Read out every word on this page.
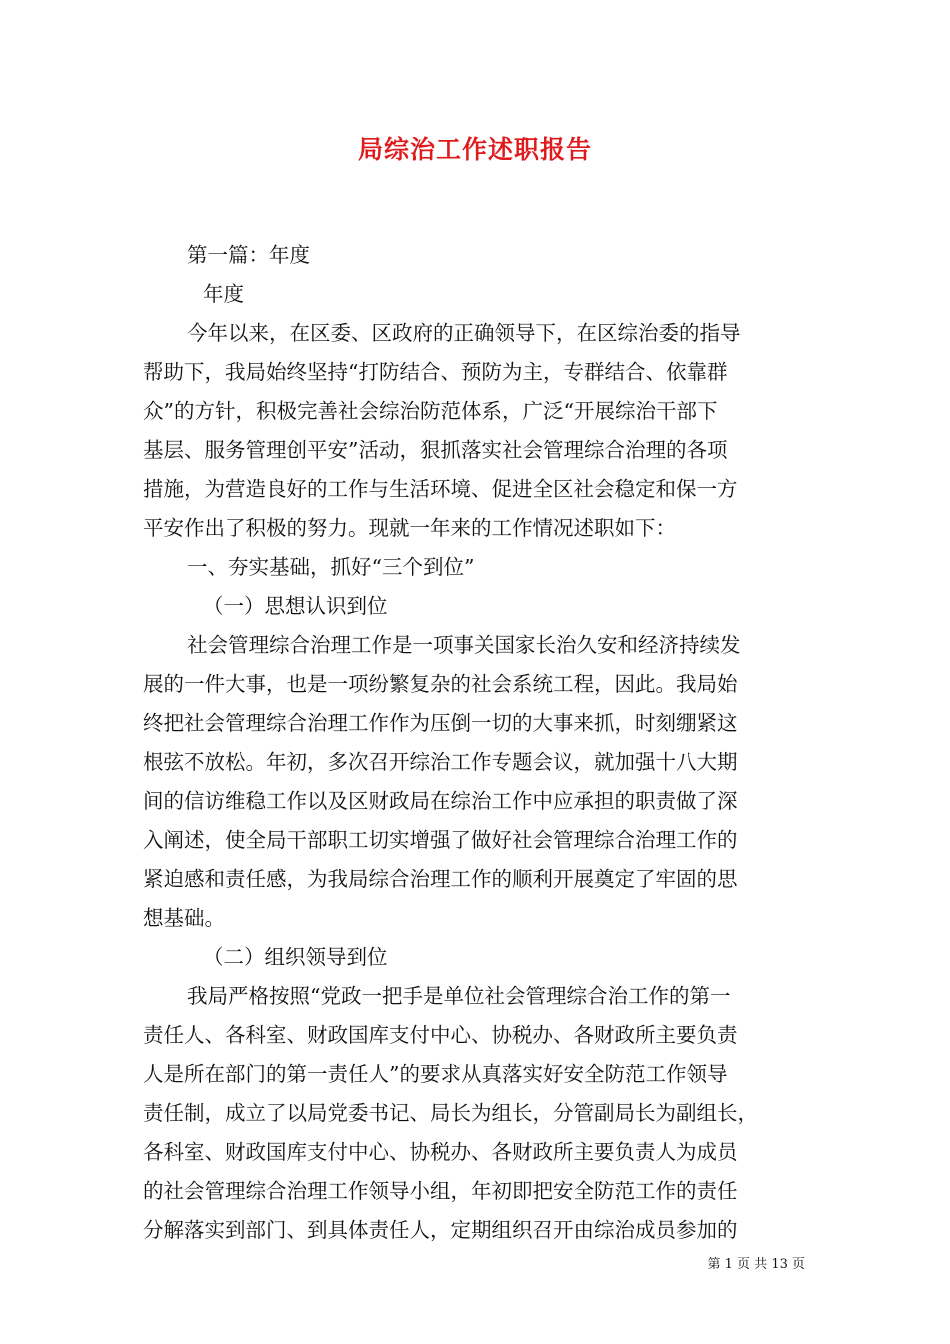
局综治工作述职报告
第一篇：年度
年度
今年以来，在区委、区政府的正确领导下，在区综治委的指导
帮助下，我局始终坚持“打防结合、预防为主，专群结合、依靠群
众”的方针，积极完善社会综治防范体系，广泛“开展综治干部下
基层、服务管理创平安”活动，狠抓落实社会管理综合治理的各项
措施，为营造良好的工作与生活环境、促进全区社会稳定和保一方
平安作出了积极的努力。现就一年来的工作情况述职如下：
一、夯实基础，抓好“三个到位”
（一）思想认识到位
社会管理综合治理工作是一项事关国家长治久安和经济持续发
展的一件大事，也是一项纷繁复杂的社会系统工程，因此。我局始
终把社会管理综合治理工作作为压倒一切的大事来抓，时刻绷紧这
根弦不放松。年初，多次召开综治工作专题会议，就加强十八大期
间的信访维稳工作以及区财政局在综治工作中应承担的职责做了深
入阐述，使全局干部职工切实增强了做好社会管理综合治理工作的
紧迫感和责任感，为我局综合治理工作的顺利开展奠定了牢固的思
想基础。
（二）组织领导到位
我局严格按照“党政一把手是单位社会管理综合治工作的第一
责任人、各科室、财政国库支付中心、协税办、各财政所主要负责
人是所在部门的第一责任人”的要求从真落实好安全防范工作领导
责任制，成立了以局党委书记、局长为组长，分管副局长为副组长，
各科室、财政国库支付中心、协税办、各财政所主要负责人为成员
的社会管理综合治理工作领导小组，年初即把安全防范工作的责任
分解落实到部门、到具体责任人，定期组织召开由综治成员参加的
第 1 页 共 13 页
